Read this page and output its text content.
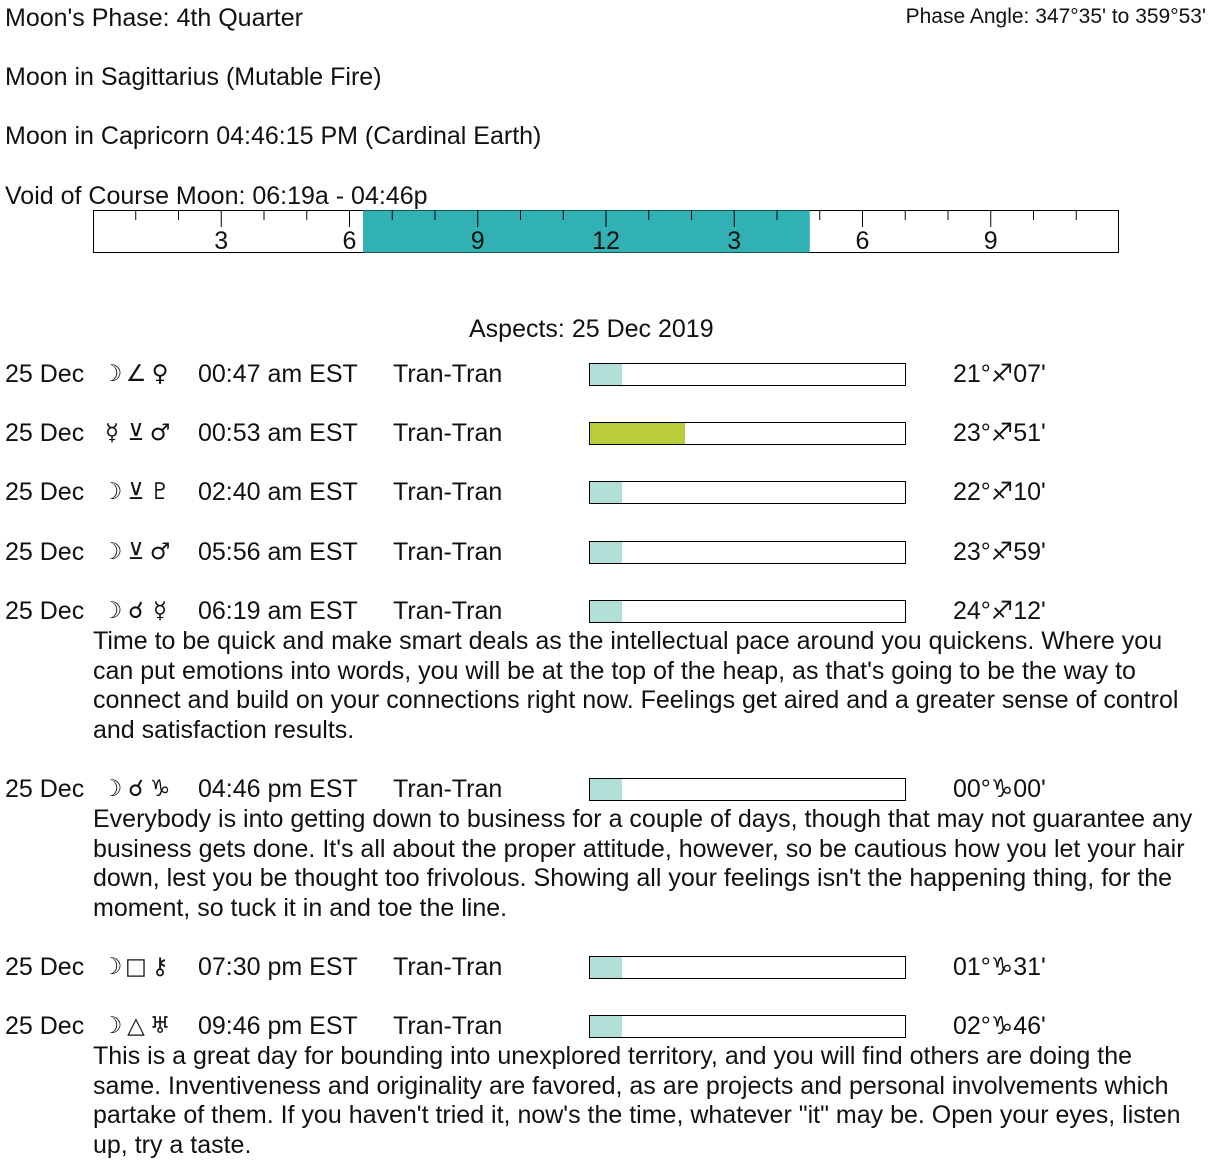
Moon's Phase: 4th Quarter	Phase Angle: 347°35' to 359°53'
Moon in Sagittarius (Mutable Fire)
Moon in Capricorn 04:46:15 PM (Cardinal Earth)
Void of Course Moon: 06:19a - 04:46p
3	6	9	12	3	6	9
Aspects: 25 Dec 2019
25 Dec ☽ ∠ ♀ 00:47 am EST Tran-Tran	21°♐07'
25 Dec ☿ ⊻ ♂ 00:53 am EST Tran-Tran	23°♐51'
25 Dec ☽ ⊻ ♇ 02:40 am EST Tran-Tran	22°♐10'
25 Dec ☽ ⊻ ♂ 05:56 am EST Tran-Tran	23°♐59'
25 Dec ☽ ☌ ☿ 06:19 am EST Tran-Tran	24°♐12'
Time to be quick and make smart deals as the intellectual pace around you quickens. Where you can put emotions into words, you will be at the top of the heap, as that's going to be the way to connect and build on your connections right now. Feelings get aired and a greater sense of control and satisfaction results.
25 Dec ☽ ☌ ♑ 04:46 pm EST Tran-Tran	00°♑00'
Everybody is into getting down to business for a couple of days, though that may not guarantee any business gets done. It's all about the proper attitude, however, so be cautious how you let your hair down, lest you be thought too frivolous. Showing all your feelings isn't the happening thing, for the moment, so tuck it in and toe the line.
25 Dec ☽ □ ⚷ 07:30 pm EST Tran-Tran	01°♑31'
25 Dec ☽ △ ♅ 09:46 pm EST Tran-Tran	02°♑46'
This is a great day for bounding into unexplored territory, and you will find others are doing the same. Inventiveness and originality are favored, as are projects and personal involvements which partake of them. If you haven't tried it, now's the time, whatever "it" may be. Open your eyes, listen up, try a taste.
